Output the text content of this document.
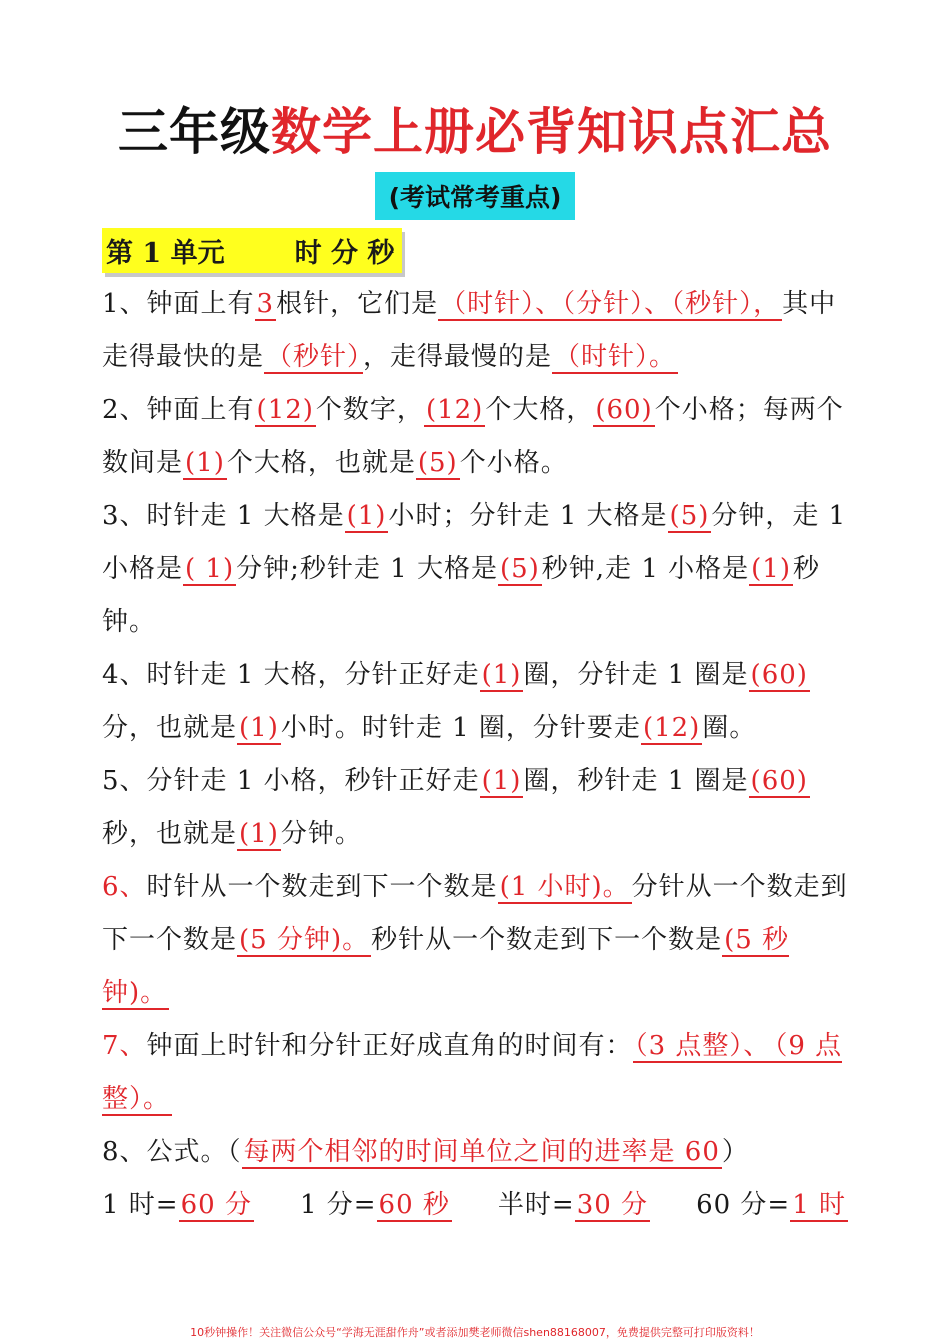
三年级数学上册必背知识点汇总
(考试常考重点)
第 1 单元	时 分 秒
1、钟面上有3根针，它们是（时针）、（分针）、（秒针），其中走得最快的是（秒针），走得最慢的是（时针）。
2、钟面上有(12)个数字，(12)个大格，(60)个小格；每两个数间是(1)个大格，也就是(5)个小格。
3、时针走 1 大格是(1)小时；分针走 1 大格是(5)分钟，走 1 小格是( 1)分钟;秒针走 1 大格是(5)秒钟,走 1 小格是(1)秒钟。
4、时针走 1 大格，分针正好走(1)圈，分针走 1 圈是(60)分，也就是(1)小时。时针走 1 圈，分针要走(12)圈。
5、分针走 1 小格，秒针正好走(1)圈，秒针走 1 圈是(60)秒，也就是(1)分钟。
6、时针从一个数走到下一个数是(1 小时)。分针从一个数走到下一个数是(5 分钟)。秒针从一个数走到下一个数是(5 秒钟)。
7、钟面上时针和分针正好成直角的时间有：（3 点整）、 （9 点整）。
8、公式。（每两个相邻的时间单位之间的进率是 60）
1 时=60 分 1 分=60 秒 半时=30 分 60 分=1 时
10秒钟操作！关注微信公众号“学海无涯甜作舟”或者添加樊老师微信shen88168007，免费提供完整可打印版资料！
